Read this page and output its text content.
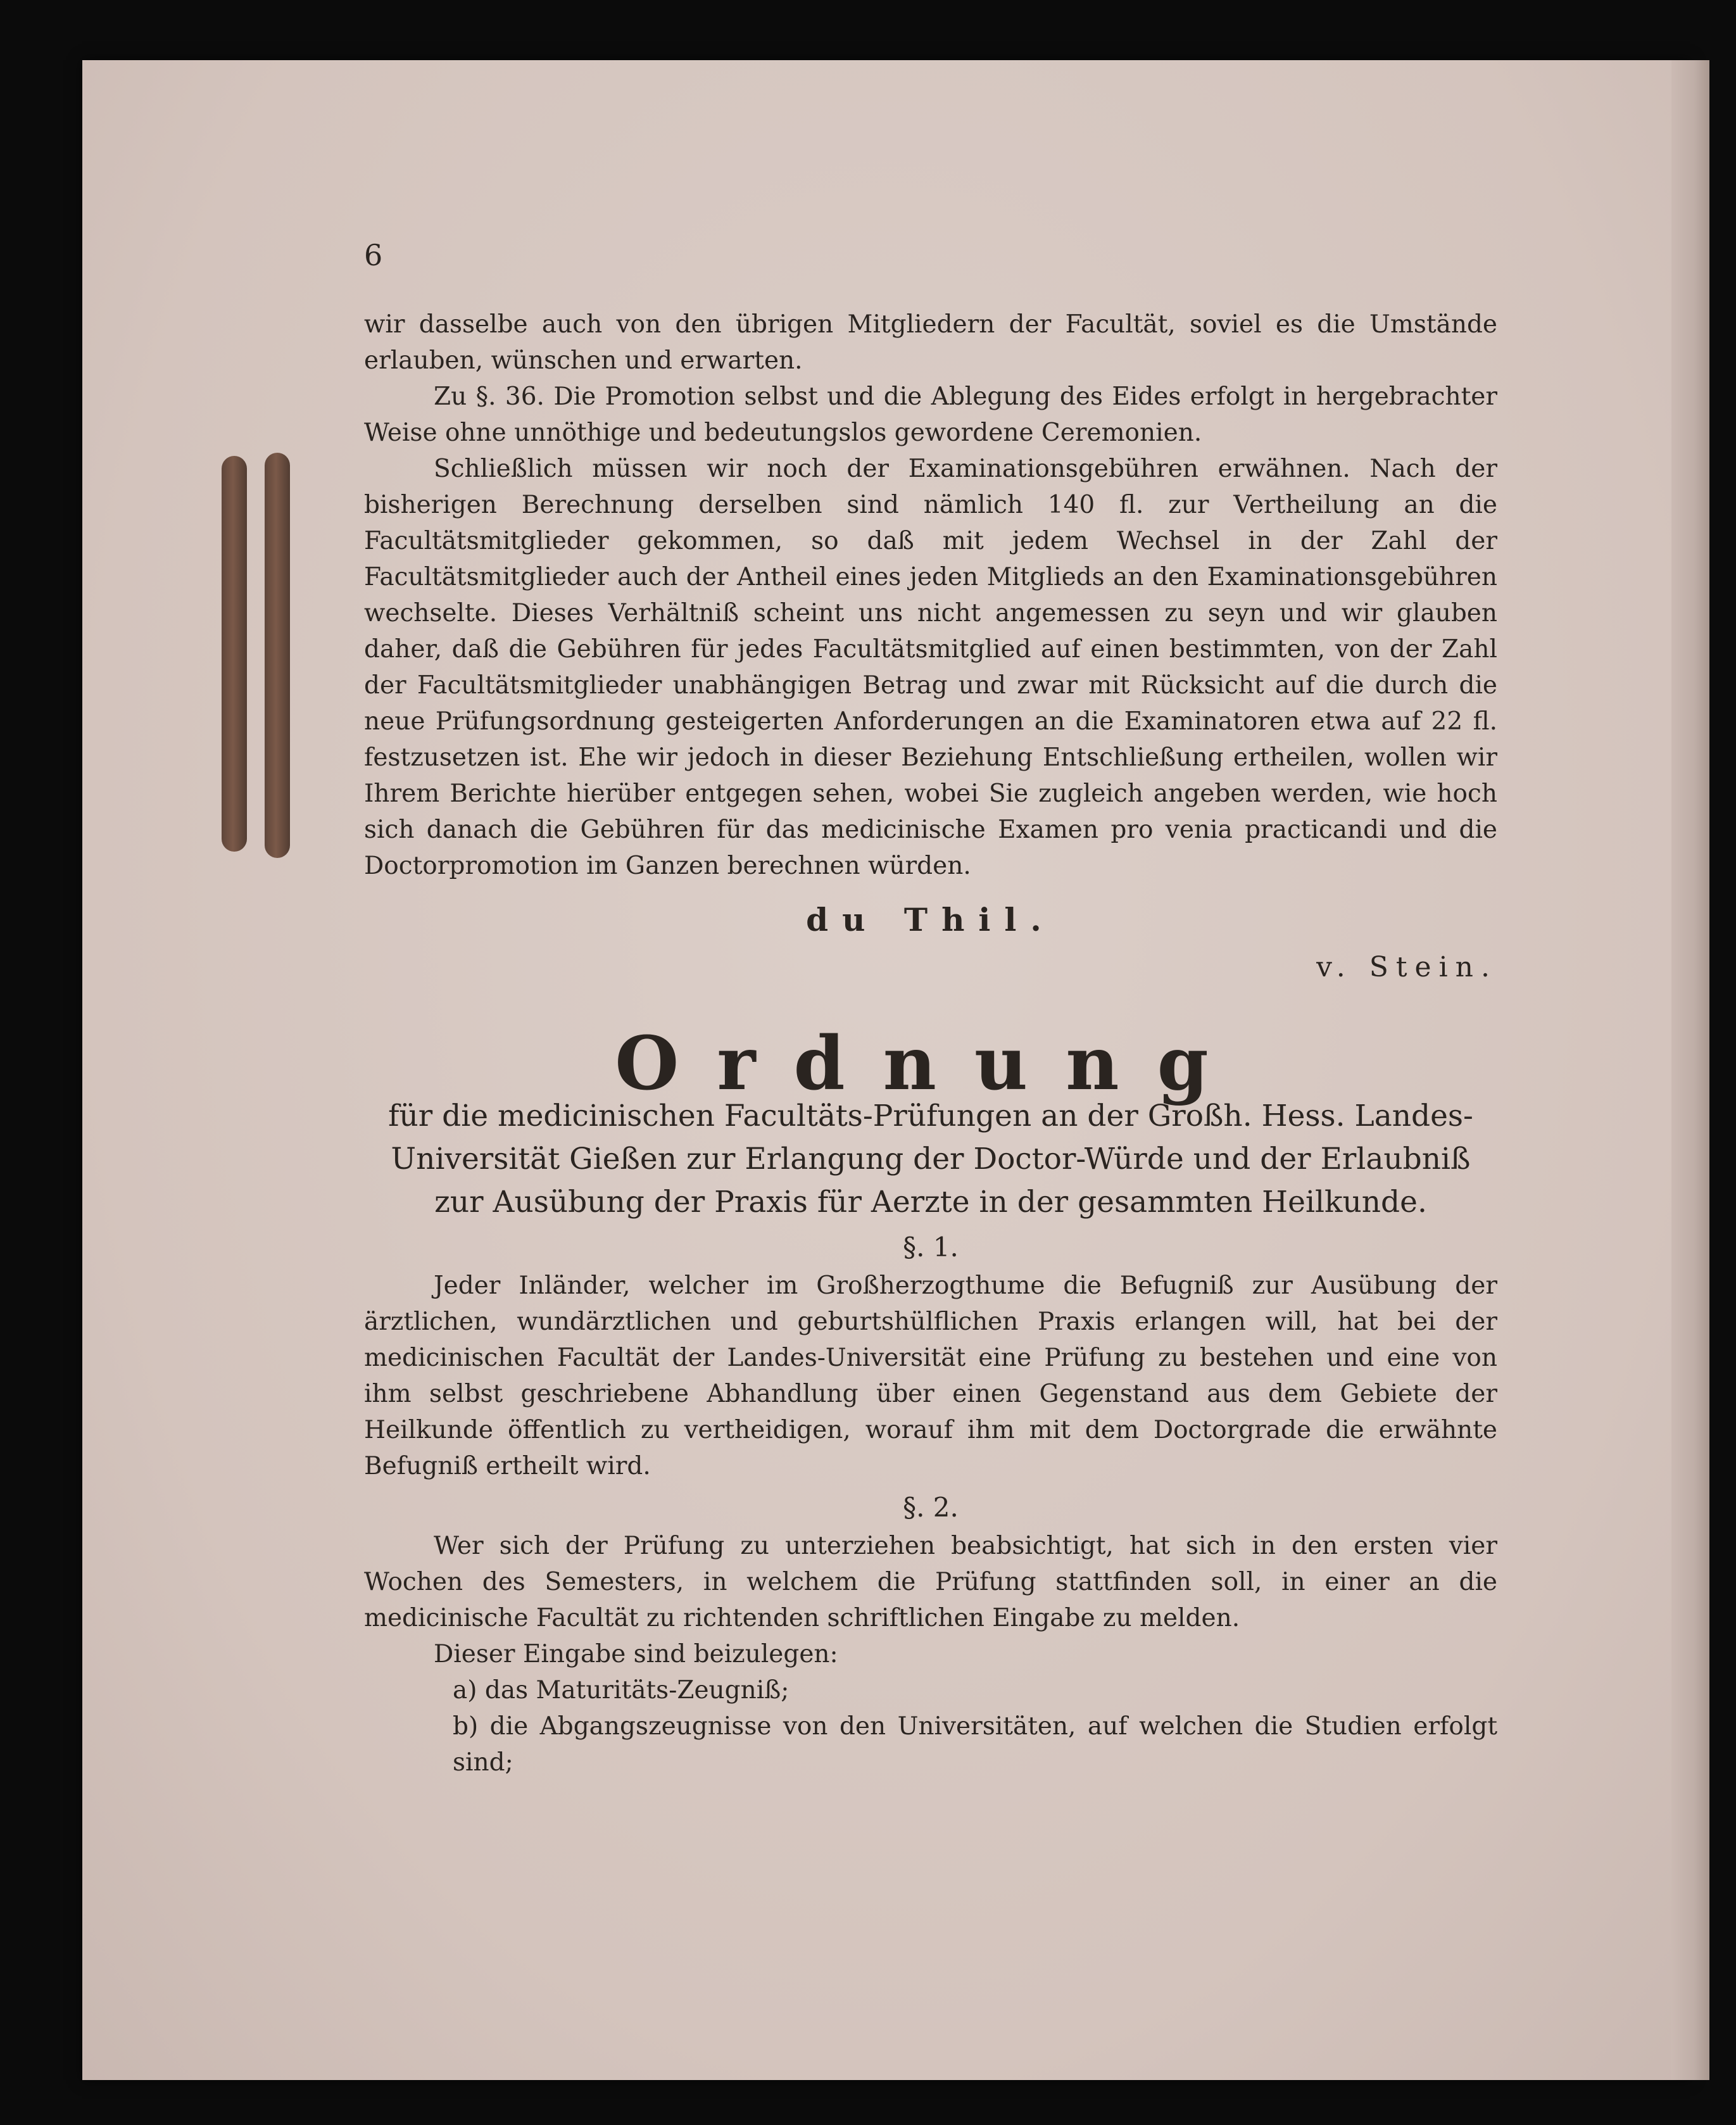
6

wir dasselbe auch von den übrigen Mitgliedern der Facultät, soviel es die Umstände erlauben, wünschen und erwarten.

Zu §. 36. Die Promotion selbst und die Ablegung des Eides erfolgt in hergebrachter Weise ohne unnöthige und bedeutungslos gewordene Ceremonien.

Schließlich müssen wir noch der Examinationsgebühren erwähnen. Nach der bisherigen Berechnung derselben sind nämlich 140 fl. zur Vertheilung an die Facultätsmitglieder gekommen, so daß mit jedem Wechsel in der Zahl der Facultätsmitglieder auch der Antheil eines jeden Mitglieds an den Examinationsgebühren wechselte. Dieses Verhältniß scheint uns nicht angemessen zu seyn und wir glauben daher, daß die Gebühren für jedes Facultätsmitglied auf einen bestimmten, von der Zahl der Facultätsmitglieder unabhängigen Betrag und zwar mit Rücksicht auf die durch die neue Prüfungsordnung gesteigerten Anforderungen an die Examinatoren etwa auf 22 fl. festzusetzen ist. Ehe wir jedoch in dieser Beziehung Entschließung ertheilen, wollen wir Ihrem Berichte hierüber entgegen sehen, wobei Sie zugleich angeben werden, wie hoch sich danach die Gebühren für das medicinische Examen pro venia practicandi und die Doctorpromotion im Ganzen berechnen würden.

du Thil.
v. Stein.
Ordnung
für die medicinischen Facultäts-Prüfungen an der Großh. Hess. Landes-Universität Gießen zur Erlangung der Doctor-Würde und der Erlaubniß zur Ausübung der Praxis für Aerzte in der gesammten Heilkunde.
§. 1.

Jeder Inländer, welcher im Großherzogthume die Befugniß zur Ausübung der ärztlichen, wundärztlichen und geburtshülflichen Praxis erlangen will, hat bei der medicinischen Facultät der Landes-Universität eine Prüfung zu bestehen und eine von ihm selbst geschriebene Abhandlung über einen Gegenstand aus dem Gebiete der Heilkunde öffentlich zu vertheidigen, worauf ihm mit dem Doctorgrade die erwähnte Befugniß ertheilt wird.

§. 2.

Wer sich der Prüfung zu unterziehen beabsichtigt, hat sich in den ersten vier Wochen des Semesters, in welchem die Prüfung stattfinden soll, in einer an die medicinische Facultät zu richtenden schriftlichen Eingabe zu melden.

Dieser Eingabe sind beizulegen:

a) das Maturitäts-Zeugniß;

b) die Abgangszeugnisse von den Universitäten, auf welchen die Studien erfolgt sind;
